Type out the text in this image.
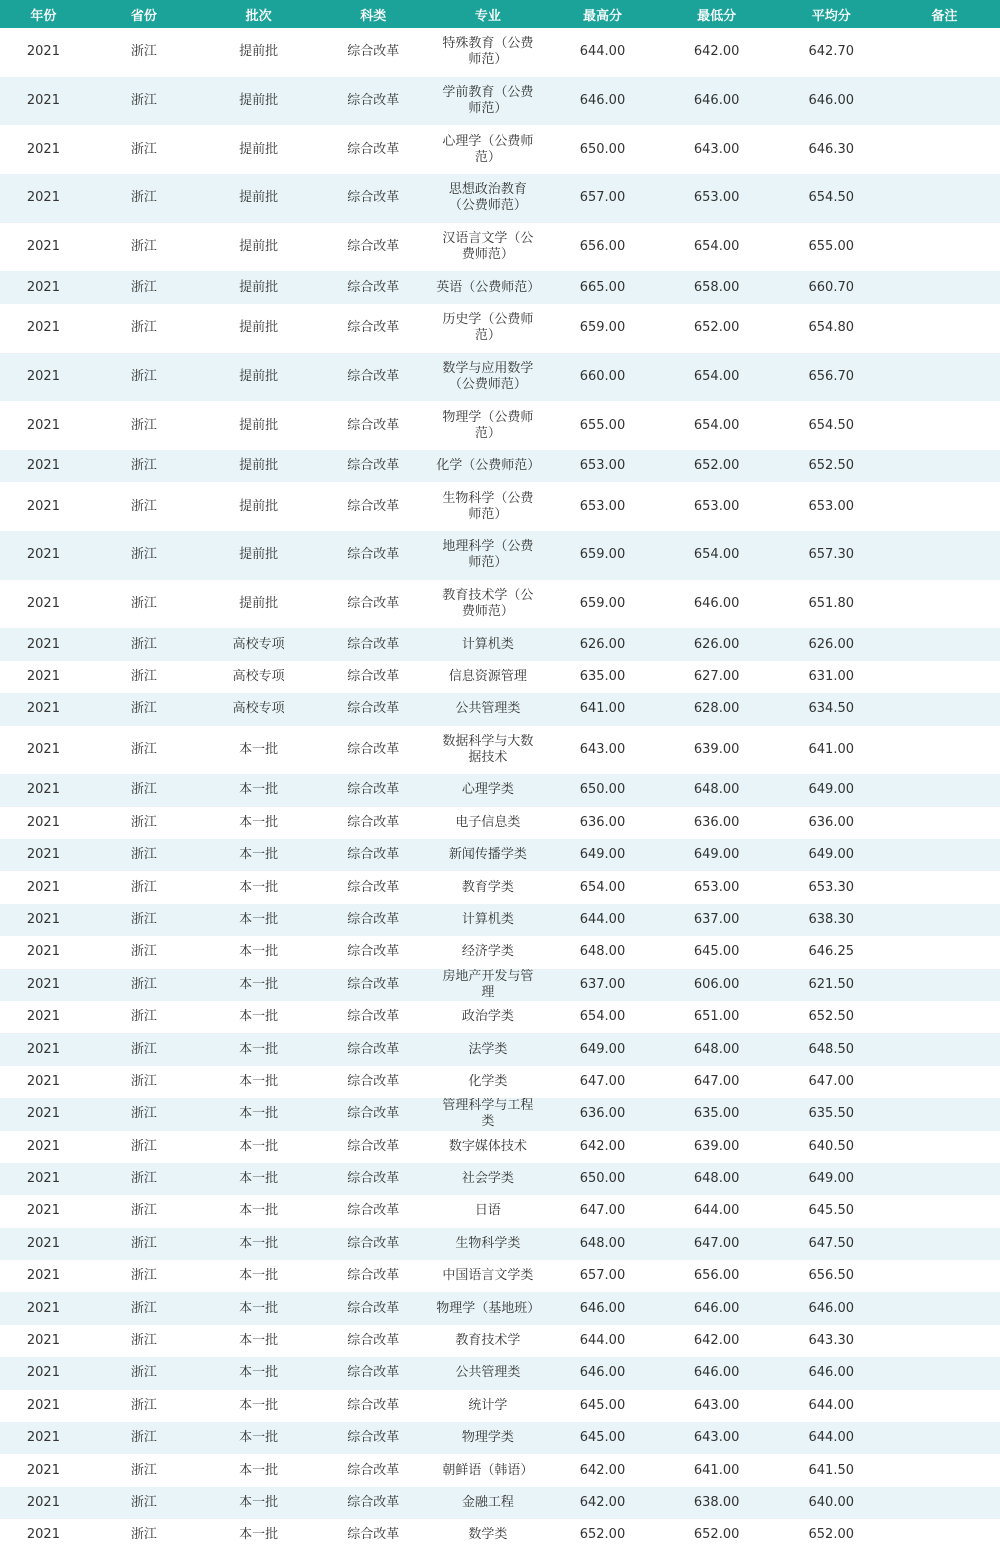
年份	省份	批次	科类	专业	最高分	最低分	平均分	备注
2021	浙江	提前批	综合改革	特殊教育（公费师范）	644.00	642.00	642.70	
2021	浙江	提前批	综合改革	学前教育（公费师范）	646.00	646.00	646.00	
2021	浙江	提前批	综合改革	心理学（公费师范）	650.00	643.00	646.30	
2021	浙江	提前批	综合改革	思想政治教育（公费师范）	657.00	653.00	654.50	
2021	浙江	提前批	综合改革	汉语言文学（公费师范）	656.00	654.00	655.00	
2021	浙江	提前批	综合改革	英语（公费师范）	665.00	658.00	660.70	
2021	浙江	提前批	综合改革	历史学（公费师范）	659.00	652.00	654.80	
2021	浙江	提前批	综合改革	数学与应用数学（公费师范）	660.00	654.00	656.70	
2021	浙江	提前批	综合改革	物理学（公费师范）	655.00	654.00	654.50	
2021	浙江	提前批	综合改革	化学（公费师范）	653.00	652.00	652.50	
2021	浙江	提前批	综合改革	生物科学（公费师范）	653.00	653.00	653.00	
2021	浙江	提前批	综合改革	地理科学（公费师范）	659.00	654.00	657.30	
2021	浙江	提前批	综合改革	教育技术学（公费师范）	659.00	646.00	651.80	
2021	浙江	高校专项	综合改革	计算机类	626.00	626.00	626.00	
2021	浙江	高校专项	综合改革	信息资源管理	635.00	627.00	631.00	
2021	浙江	高校专项	综合改革	公共管理类	641.00	628.00	634.50	
2021	浙江	本一批	综合改革	数据科学与大数据技术	643.00	639.00	641.00	
2021	浙江	本一批	综合改革	心理学类	650.00	648.00	649.00	
2021	浙江	本一批	综合改革	电子信息类	636.00	636.00	636.00	
2021	浙江	本一批	综合改革	新闻传播学类	649.00	649.00	649.00	
2021	浙江	本一批	综合改革	教育学类	654.00	653.00	653.30	
2021	浙江	本一批	综合改革	计算机类	644.00	637.00	638.30	
2021	浙江	本一批	综合改革	经济学类	648.00	645.00	646.25	
2021	浙江	本一批	综合改革	房地产开发与管理	637.00	606.00	621.50	
2021	浙江	本一批	综合改革	政治学类	654.00	651.00	652.50	
2021	浙江	本一批	综合改革	法学类	649.00	648.00	648.50	
2021	浙江	本一批	综合改革	化学类	647.00	647.00	647.00	
2021	浙江	本一批	综合改革	管理科学与工程类	636.00	635.00	635.50	
2021	浙江	本一批	综合改革	数字媒体技术	642.00	639.00	640.50	
2021	浙江	本一批	综合改革	社会学类	650.00	648.00	649.00	
2021	浙江	本一批	综合改革	日语	647.00	644.00	645.50	
2021	浙江	本一批	综合改革	生物科学类	648.00	647.00	647.50	
2021	浙江	本一批	综合改革	中国语言文学类	657.00	656.00	656.50	
2021	浙江	本一批	综合改革	物理学（基地班）	646.00	646.00	646.00	
2021	浙江	本一批	综合改革	教育技术学	644.00	642.00	643.30	
2021	浙江	本一批	综合改革	公共管理类	646.00	646.00	646.00	
2021	浙江	本一批	综合改革	统计学	645.00	643.00	644.00	
2021	浙江	本一批	综合改革	物理学类	645.00	643.00	644.00	
2021	浙江	本一批	综合改革	朝鲜语（韩语）	642.00	641.00	641.50	
2021	浙江	本一批	综合改革	金融工程	642.00	638.00	640.00	
2021	浙江	本一批	综合改革	数学类	652.00	652.00	652.00	
